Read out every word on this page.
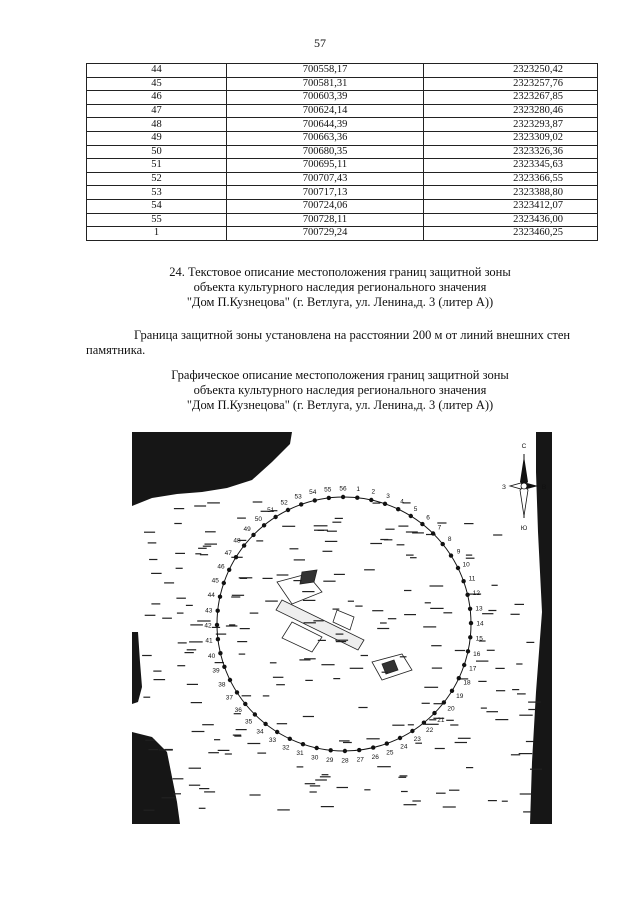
57
44	700558,17	2323250,42
45	700581,31	2323257,76
46	700603,39	2323267,85
47	700624,14	2323280,46
48	700644,39	2323293,87
49	700663,36	2323309,02
50	700680,35	2323326,36
51	700695,11	2323345,63
52	700707,43	2323366,55
53	700717,13	2323388,80
54	700724,06	2323412,07
55	700728,11	2323436,00
1	700729,24	2323460,25
24. Текстовое описание местоположения границ защитной зоны
объекта культурного наследия регионального значения
"Дом П.Кузнецова" (г. Ветлуга, ул. Ленина,д. 3 (литер А))
Граница защитной зоны установлена на расстоянии 200 м от линий внешних стен
памятника.
Графическое описание местоположения границ защитной зоны
объекта культурного наследия регионального значения
"Дом П.Кузнецова" (г. Ветлуга, ул. Ленина,д. 3 (литер А))
1 2
3
4
5
6
7
8
9
10
11
12
13
14
15
16
17
18
19
20
21
22
23
24
25
26
27
28
29
30
31
32
33
34
35
36
37
38
39
40
41
42
43
44
45
46
47
48
49
50
51
52
53
54 55 56
С
В
З
Ю
